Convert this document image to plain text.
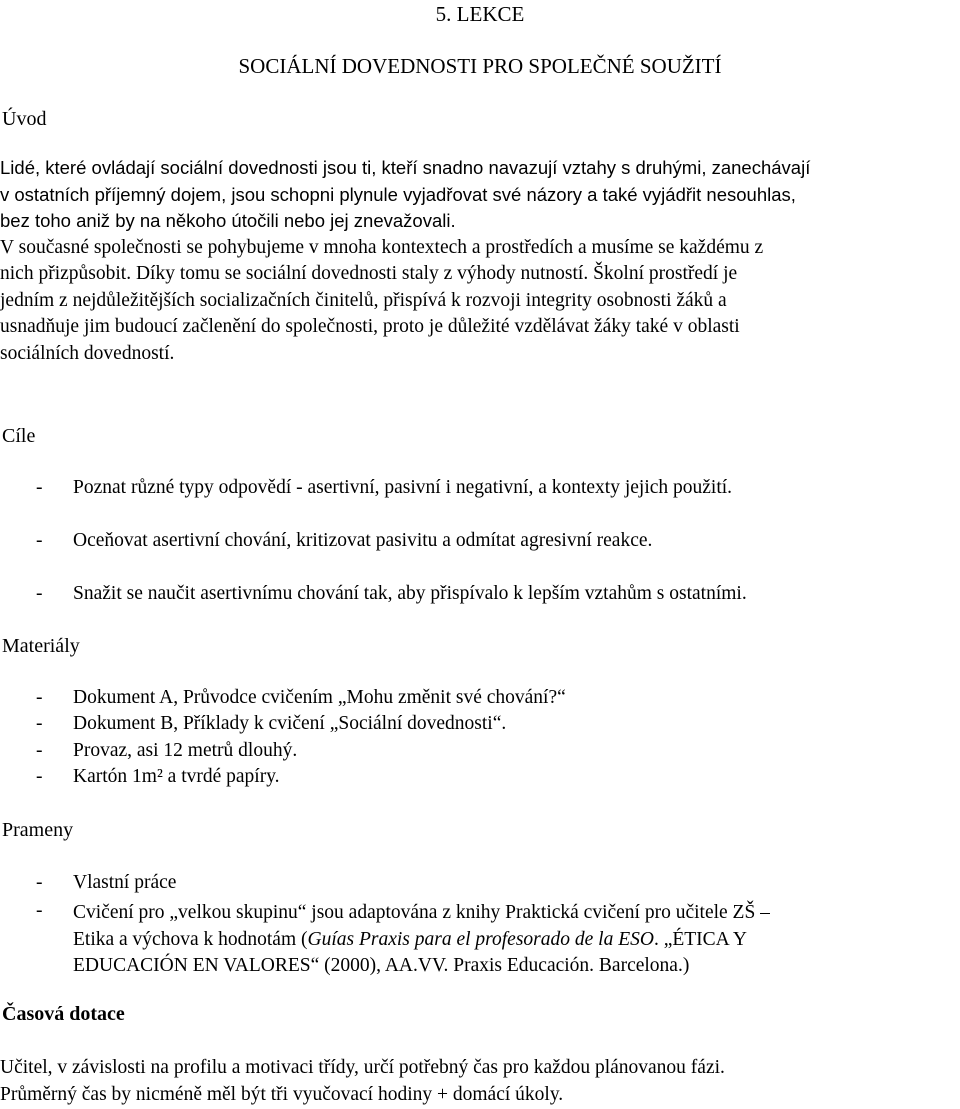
5. LEKCE
SOCIÁLNÍ DOVEDNOSTI PRO SPOLEČNÉ SOUŽITÍ
Úvod
Lidé, které ovládají sociální dovednosti jsou ti, kteří snadno navazují vztahy s druhými, zanechávají
v ostatních příjemný dojem, jsou schopni plynule vyjadřovat své názory a také vyjádřit nesouhlas,
bez toho aniž by na někoho útočili nebo jej znevažovali.
V současné společnosti se pohybujeme v mnoha kontextech a prostředích a musíme se každému z
nich přizpůsobit. Díky tomu se sociální dovednosti staly z výhody nutností. Školní prostředí je
jedním z nejdůležitějších socializačních činitelů, přispívá k rozvoji integrity osobnosti žáků a
usnadňuje jim budoucí začlenění do společnosti, proto je důležité vzdělávat žáky také v oblasti
sociálních dovedností.
Cíle
- Poznat různé typy odpovědí - asertivní, pasivní i negativní, a kontexty jejich použití.
- Oceňovat asertivní chování, kritizovat pasivitu a odmítat agresivní reakce.
- Snažit se naučit asertivnímu chování tak, aby přispívalo k lepším vztahům s ostatními.
Materiály
- Dokument A, Průvodce cvičením „Mohu změnit své chování?“
- Dokument B, Příklady k cvičení „Sociální dovednosti“.
- Provaz, asi 12 metrů dlouhý.
- Kartón 1m² a tvrdé papíry.
Prameny
- Vlastní práce
- Cvičení pro „velkou skupinu“ jsou adaptována z knihy Praktická cvičení pro učitele ZŠ –
Etika a výchova k hodnotám (Guías Praxis para el profesorado de la ESO. „ÉTICA Y
EDUCACIÓN EN VALORES“ (2000), AA.VV. Praxis Educación. Barcelona.)
Časová dotace
Učitel, v závislosti na profilu a motivaci třídy, určí potřebný čas pro každou plánovanou fázi.
Průměrný čas by nicméně měl být tři vyučovací hodiny + domácí úkoly.
